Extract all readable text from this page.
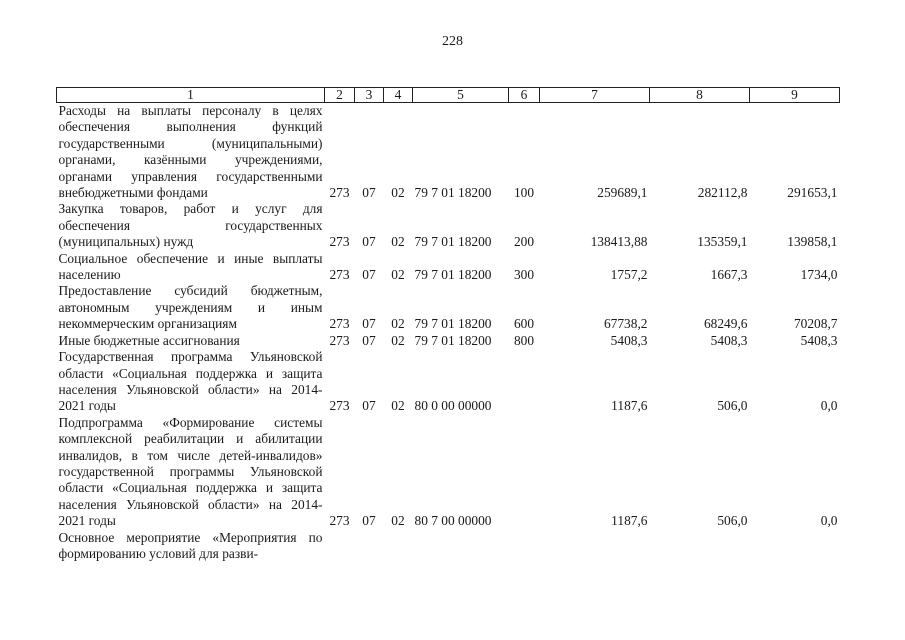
228
1	2	3	4	5	6	7	8	9
Расходы на выплаты персоналу в целях обеспечения выполнения функций государственными (муниципальными) органами, казёнными учреждениями, органами управления государственными внебюджетными фондами	273	07	02	79 7 01 18200	100	259689,1	282112,8	291653,1
Закупка товаров, работ и услуг для обеспечения государственных (муниципальных) нужд	273	07	02	79 7 01 18200	200	138413,88	135359,1	139858,1
Социальное обеспечение и иные выплаты населению	273	07	02	79 7 01 18200	300	1757,2	1667,3	1734,0
Предоставление субсидий бюджетным, автономным учреждениям и иным некоммерческим организациям	273	07	02	79 7 01 18200	600	67738,2	68249,6	70208,7
Иные бюджетные ассигнования	273	07	02	79 7 01 18200	800	5408,3	5408,3	5408,3
Государственная программа Ульяновской области «Социальная поддержка и защита населения Ульяновской области» на 2014-2021 годы	273	07	02	80 0 00 00000		1187,6	506,0	0,0
Подпрограмма «Формирование системы комплексной реабилитации и абилитации инвалидов, в том числе детей-инвалидов» государственной программы Ульяновской области «Социальная поддержка и защита населения Ульяновской области» на 2014-2021 годы	273	07	02	80 7 00 00000		1187,6	506,0	0,0
Основное мероприятие «Мероприятия по формированию условий для разви-								
